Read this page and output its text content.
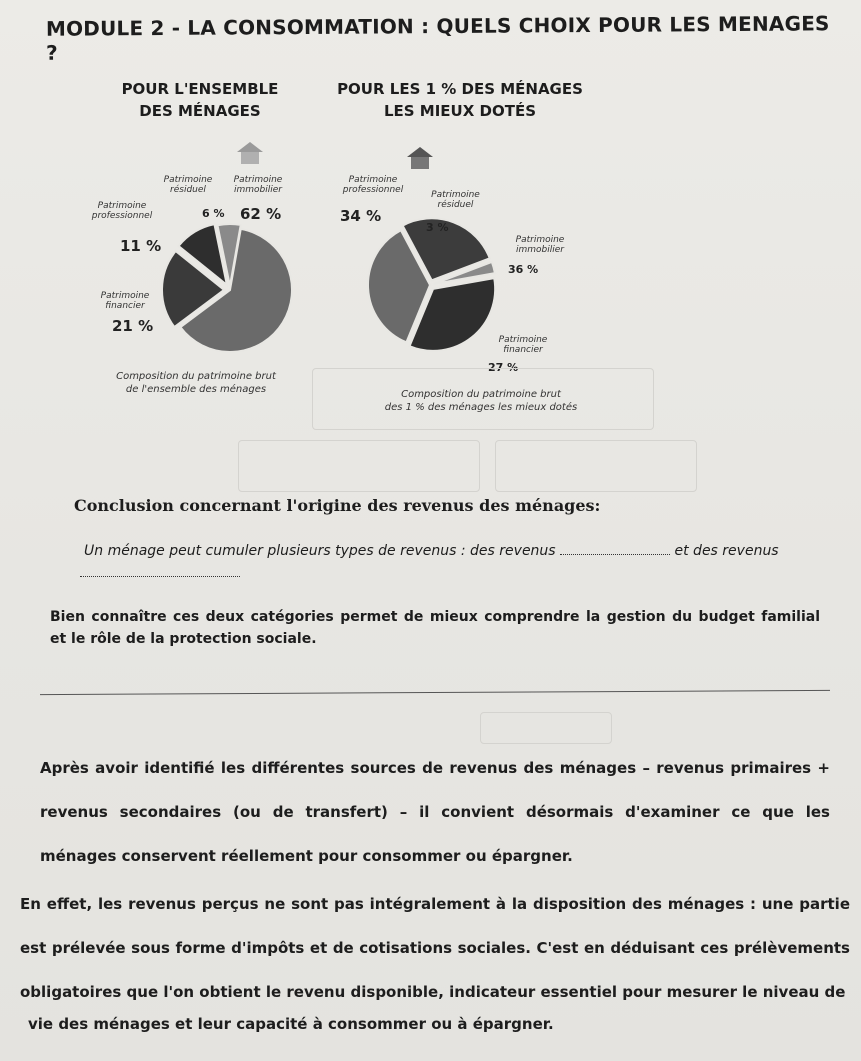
MODULE 2 - LA CONSOMMATION : QUELS CHOIX POUR LES MENAGES ?
POUR L'ENSEMBLE
DES MÉNAGES
POUR LES 1 % DES MÉNAGES
LES MIEUX DOTÉS
Patrimoine résiduel
6 %
Patrimoine immobilier
62 %
Patrimoine professionnel
11 %
Patrimoine financier
21 %
Patrimoine professionnel
34 %
Patrimoine résiduel
3 %
Patrimoine immobilier
36 %
Patrimoine financier
27 %
Composition du patrimoine brut
de l'ensemble des ménages	Composition du patrimoine brut
des 1 % des ménages les mieux dotés
Conclusion concernant l'origine des revenus des ménages:
Un ménage peut cumuler plusieurs types de revenus : des revenus	et des revenus
Bien connaître ces deux catégories permet de mieux comprendre la gestion du budget familial et le rôle de la protection sociale.
Après avoir identifié les différentes sources de revenus des ménages – revenus primaires + revenus secondaires (ou de transfert) – il convient désormais d'examiner ce que les ménages conservent réellement pour consommer ou épargner.
En effet, les revenus perçus ne sont pas intégralement à la disposition des ménages : une partie est prélevée sous forme d'impôts et de cotisations sociales. C'est en déduisant ces prélèvements obligatoires que l'on obtient le revenu disponible, indicateur essentiel pour mesurer le niveau de
vie des ménages et leur capacité à consommer ou à épargner.
